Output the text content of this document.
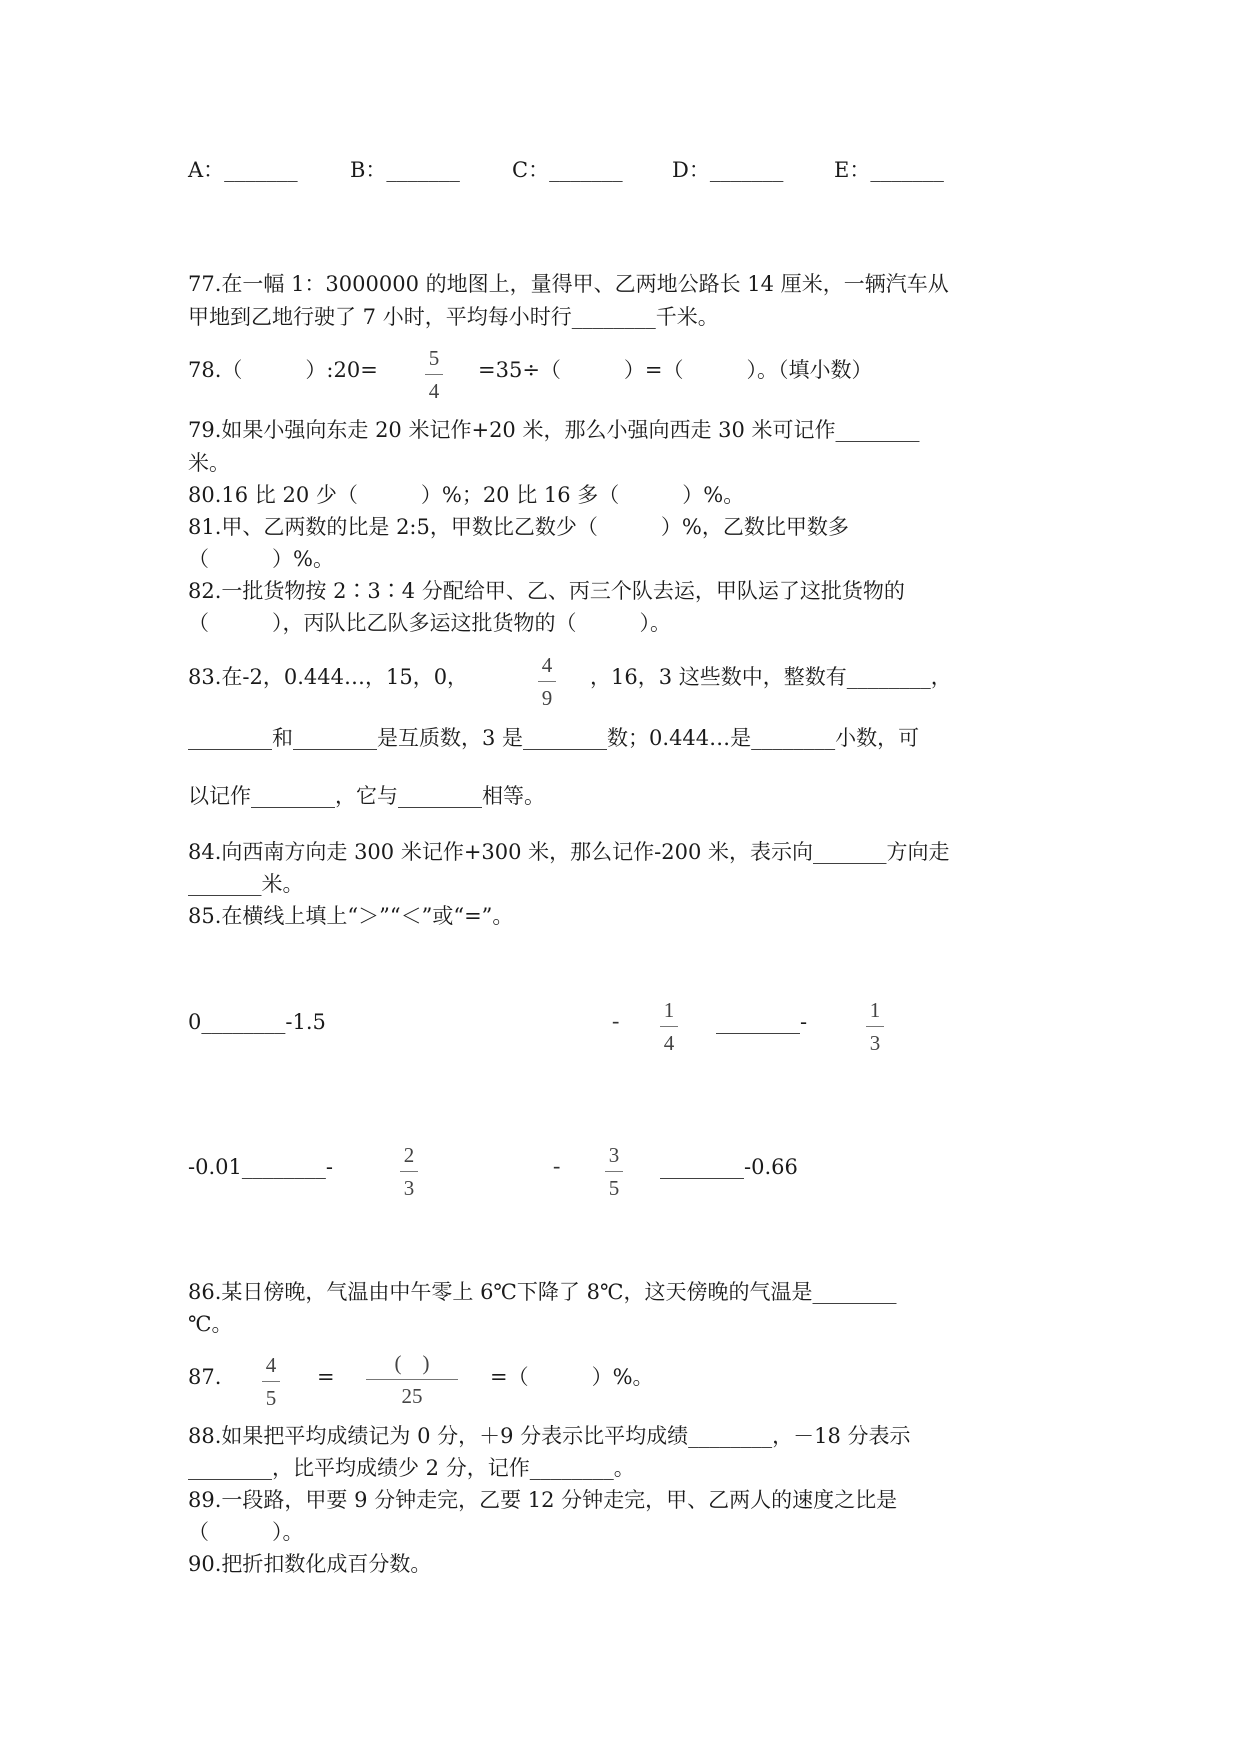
A：_______ B：_______ C：_______ D：_______ E：_______
77.在一幅 1：3000000 的地图上，量得甲、乙两地公路长 14 厘米，一辆汽车从
甲地到乙地行驶了 7 小时，平均每小时行________千米。
78.（　　　）:20= 5
4
=35÷（　　　）=（　　　）。（填小数）
79.如果小强向东走 20 米记作+20 米，那么小强向西走 30 米可记作________
米。
80.16 比 20 少（　　　）%；20 比 16 多（　　　）%。
81.甲、乙两数的比是 2:5，甲数比乙数少（　　　）%，乙数比甲数多
（　　　）%。
82.一批货物按 2∶3∶4 分配给甲、乙、丙三个队去运，甲队运了这批货物的
（　　　），丙队比乙队多运这批货物的（　　　）。
83.在-2，0.444…，15，0，	4
9
，16，3 这些数中，整数有________，
________和________是互质数，3 是________数；0.444…是________小数，可
以记作________，它与________相等。
84.向西南方向走 300 米记作+300 米，那么记作-200 米，表示向_______方向走
_______米。
85.在横线上填上“＞”“＜”或“=”。
0________-1.5	- 1
4
________-	1
3
-0.01________-	2
3
- 3
5
________-0.66
86.某日傍晚，气温由中午零上 6℃下降了 8℃，这天傍晚的气温是________
℃。
87. 4
5
=
(　)
25
=（　　　）%。
88.如果把平均成绩记为 0 分，＋9 分表示比平均成绩________，－18 分表示
________，比平均成绩少 2 分，记作________。
89.一段路，甲要 9 分钟走完，乙要 12 分钟走完，甲、乙两人的速度之比是
（　　　）。
90.把折扣数化成百分数。
